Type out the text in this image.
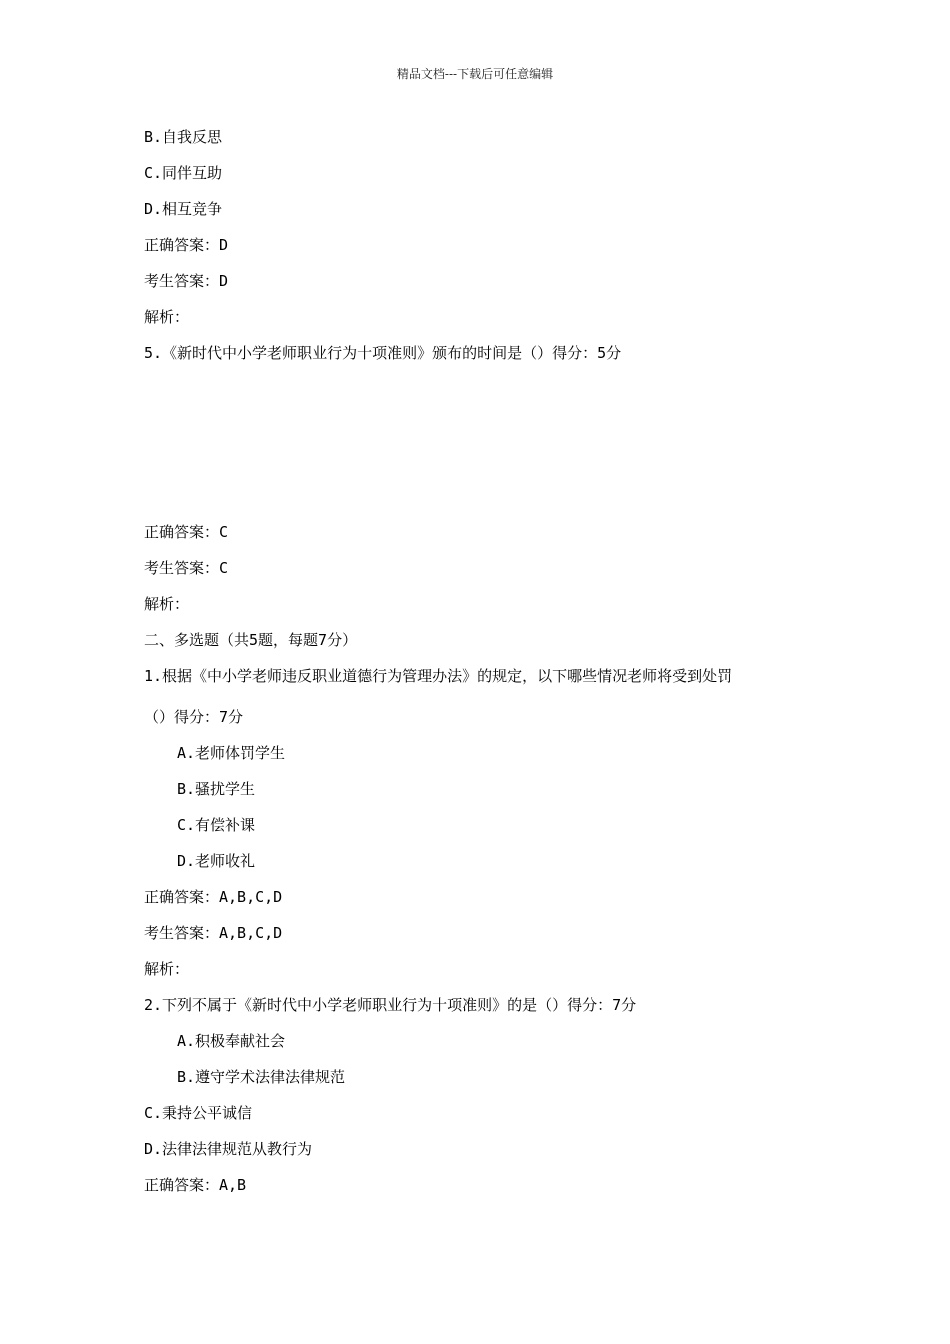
精品文档---下载后可任意编辑
B.自我反思
C.同伴互助
D.相互竞争
正确答案：D
考生答案：D
解析：
5.《新时代中小学老师职业行为十项准则》颁布的时间是（）得分：5分
正确答案：C
考生答案：C
解析：
二、多选题（共5题，每题7分）
1.根据《中小学老师违反职业道德行为管理办法》的规定，以下哪些情况老师将受到处罚
（）得分：7分
A.老师体罚学生
B.骚扰学生
C.有偿补课
D.老师收礼
正确答案：A,B,C,D
考生答案：A,B,C,D
解析：
2.下列不属于《新时代中小学老师职业行为十项准则》的是（）得分：7分
A.积极奉献社会
B.遵守学术法律法律规范
C.秉持公平诚信
D.法律法律规范从教行为
正确答案：A,B
